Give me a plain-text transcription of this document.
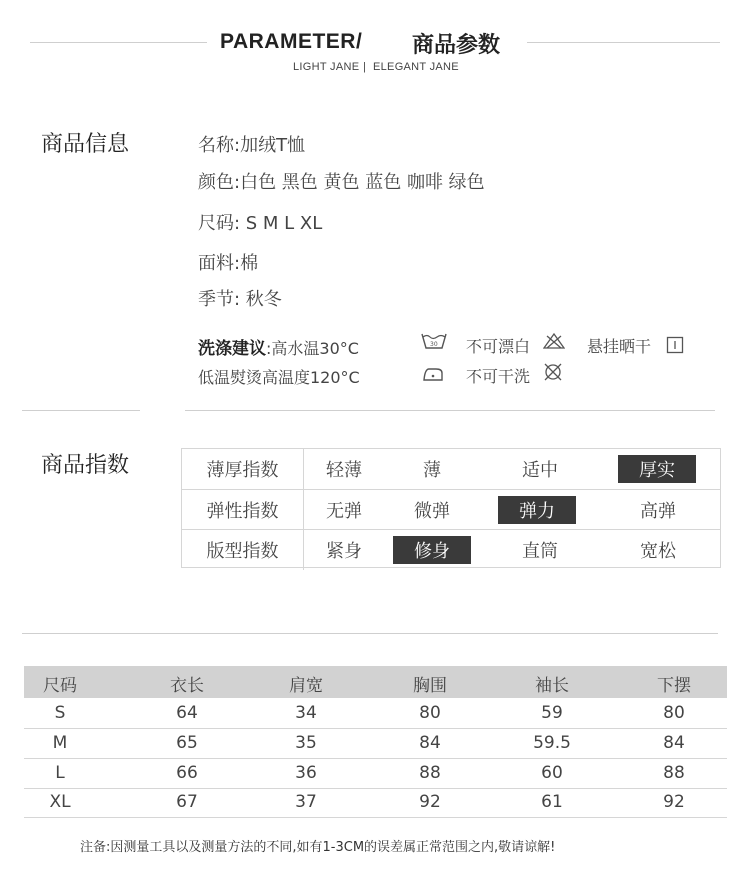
PARAMETER/ 商品参数
LIGHT JANE | ELEGANT JANE
商品信息	名称:加绒T恤
颜色:白色 黑色 黄色 蓝色 咖啡 绿色
尺码: S M L XL
面料:棉
季节: 秋冬
洗涤建议:高水温30°C
低温熨烫高温度120°C
30 不可漂白	悬挂晒干
不可干洗
商品指数	薄厚指数	轻薄	薄	适中	厚实
弹性指数	无弹	微弹	弹力	高弹
版型指数	紧身	修身	直筒	宽松
尺码	衣长	肩宽	胸围	袖长	下摆
S	64	34	80	59	80
M	65	35	84	59.5	84
L	66	36	88	60	88
XL	67	37	92	61	92
注备:因测量工具以及测量方法的不同,如有1-3CM的误差属正常范围之内,敬请谅解!
